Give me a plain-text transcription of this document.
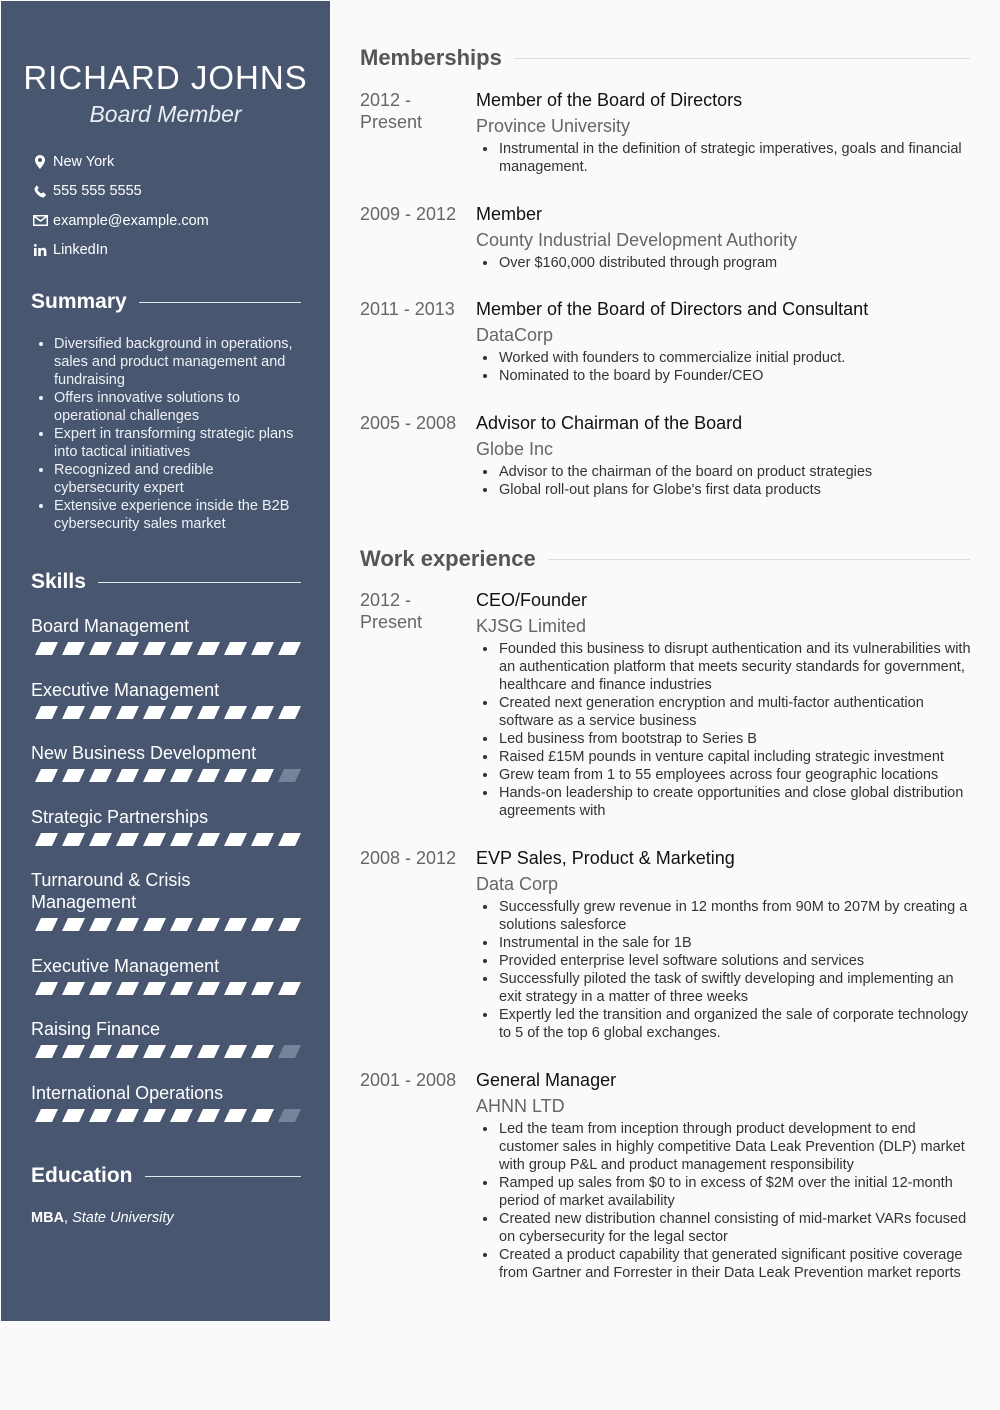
RICHARD JOHNS
Board Member
New York
555 555 5555
example@example.com
LinkedIn
Summary
• Diversified background in operations, sales and product management and fundraising
• Offers innovative solutions to operational challenges
• Expert in transforming strategic plans into tactical initiatives
• Recognized and credible cybersecurity expert
• Extensive experience inside the B2B cybersecurity sales market
Skills
Board Management
Executive Management
New Business Development
Strategic Partnerships
Turnaround & Crisis Management
Executive Management
Raising Finance
International Operations
Education
MBA, State University
Memberships
2012 -
Present
Member of the Board of Directors
Province University
• Instrumental in the definition of strategic imperatives, goals and financial management.
2009 - 2012	Member
County Industrial Development Authority
• Over $160,000 distributed through program
2011 - 2013	Member of the Board of Directors and Consultant
DataCorp
• Worked with founders to commercialize initial product.
• Nominated to the board by Founder/CEO
2005 - 2008	Advisor to Chairman of the Board
Globe Inc
• Advisor to the chairman of the board on product strategies
• Global roll-out plans for Globe's first data products
Work experience
2012 -
Present
CEO/Founder
KJSG Limited
• Founded this business to disrupt authentication and its vulnerabilities with an authentication platform that meets security standards for government, healthcare and finance industries
• Created next generation encryption and multi-factor authentication software as a service business
• Led business from bootstrap to Series B
• Raised £15M pounds in venture capital including strategic investment
• Grew team from 1 to 55 employees across four geographic locations
• Hands-on leadership to create opportunities and close global distribution agreements with
2008 - 2012	EVP Sales, Product & Marketing
Data Corp
• Successfully grew revenue in 12 months from 90M to 207M by creating a solutions salesforce
• Instrumental in the sale for 1B
• Provided enterprise level software solutions and services
• Successfully piloted the task of swiftly developing and implementing an exit strategy in a matter of three weeks
• Expertly led the transition and organized the sale of corporate technology to 5 of the top 6 global exchanges.
2001 - 2008	General Manager
AHNN LTD
• Led the team from inception through product development to end customer sales in highly competitive Data Leak Prevention (DLP) market with group P&L and product management responsibility
• Ramped up sales from $0 to in excess of $2M over the initial 12-month period of market availability
• Created new distribution channel consisting of mid-market VARs focused on cybersecurity for the legal sector
• Created a product capability that generated significant positive coverage from Gartner and Forrester in their Data Leak Prevention market reports
